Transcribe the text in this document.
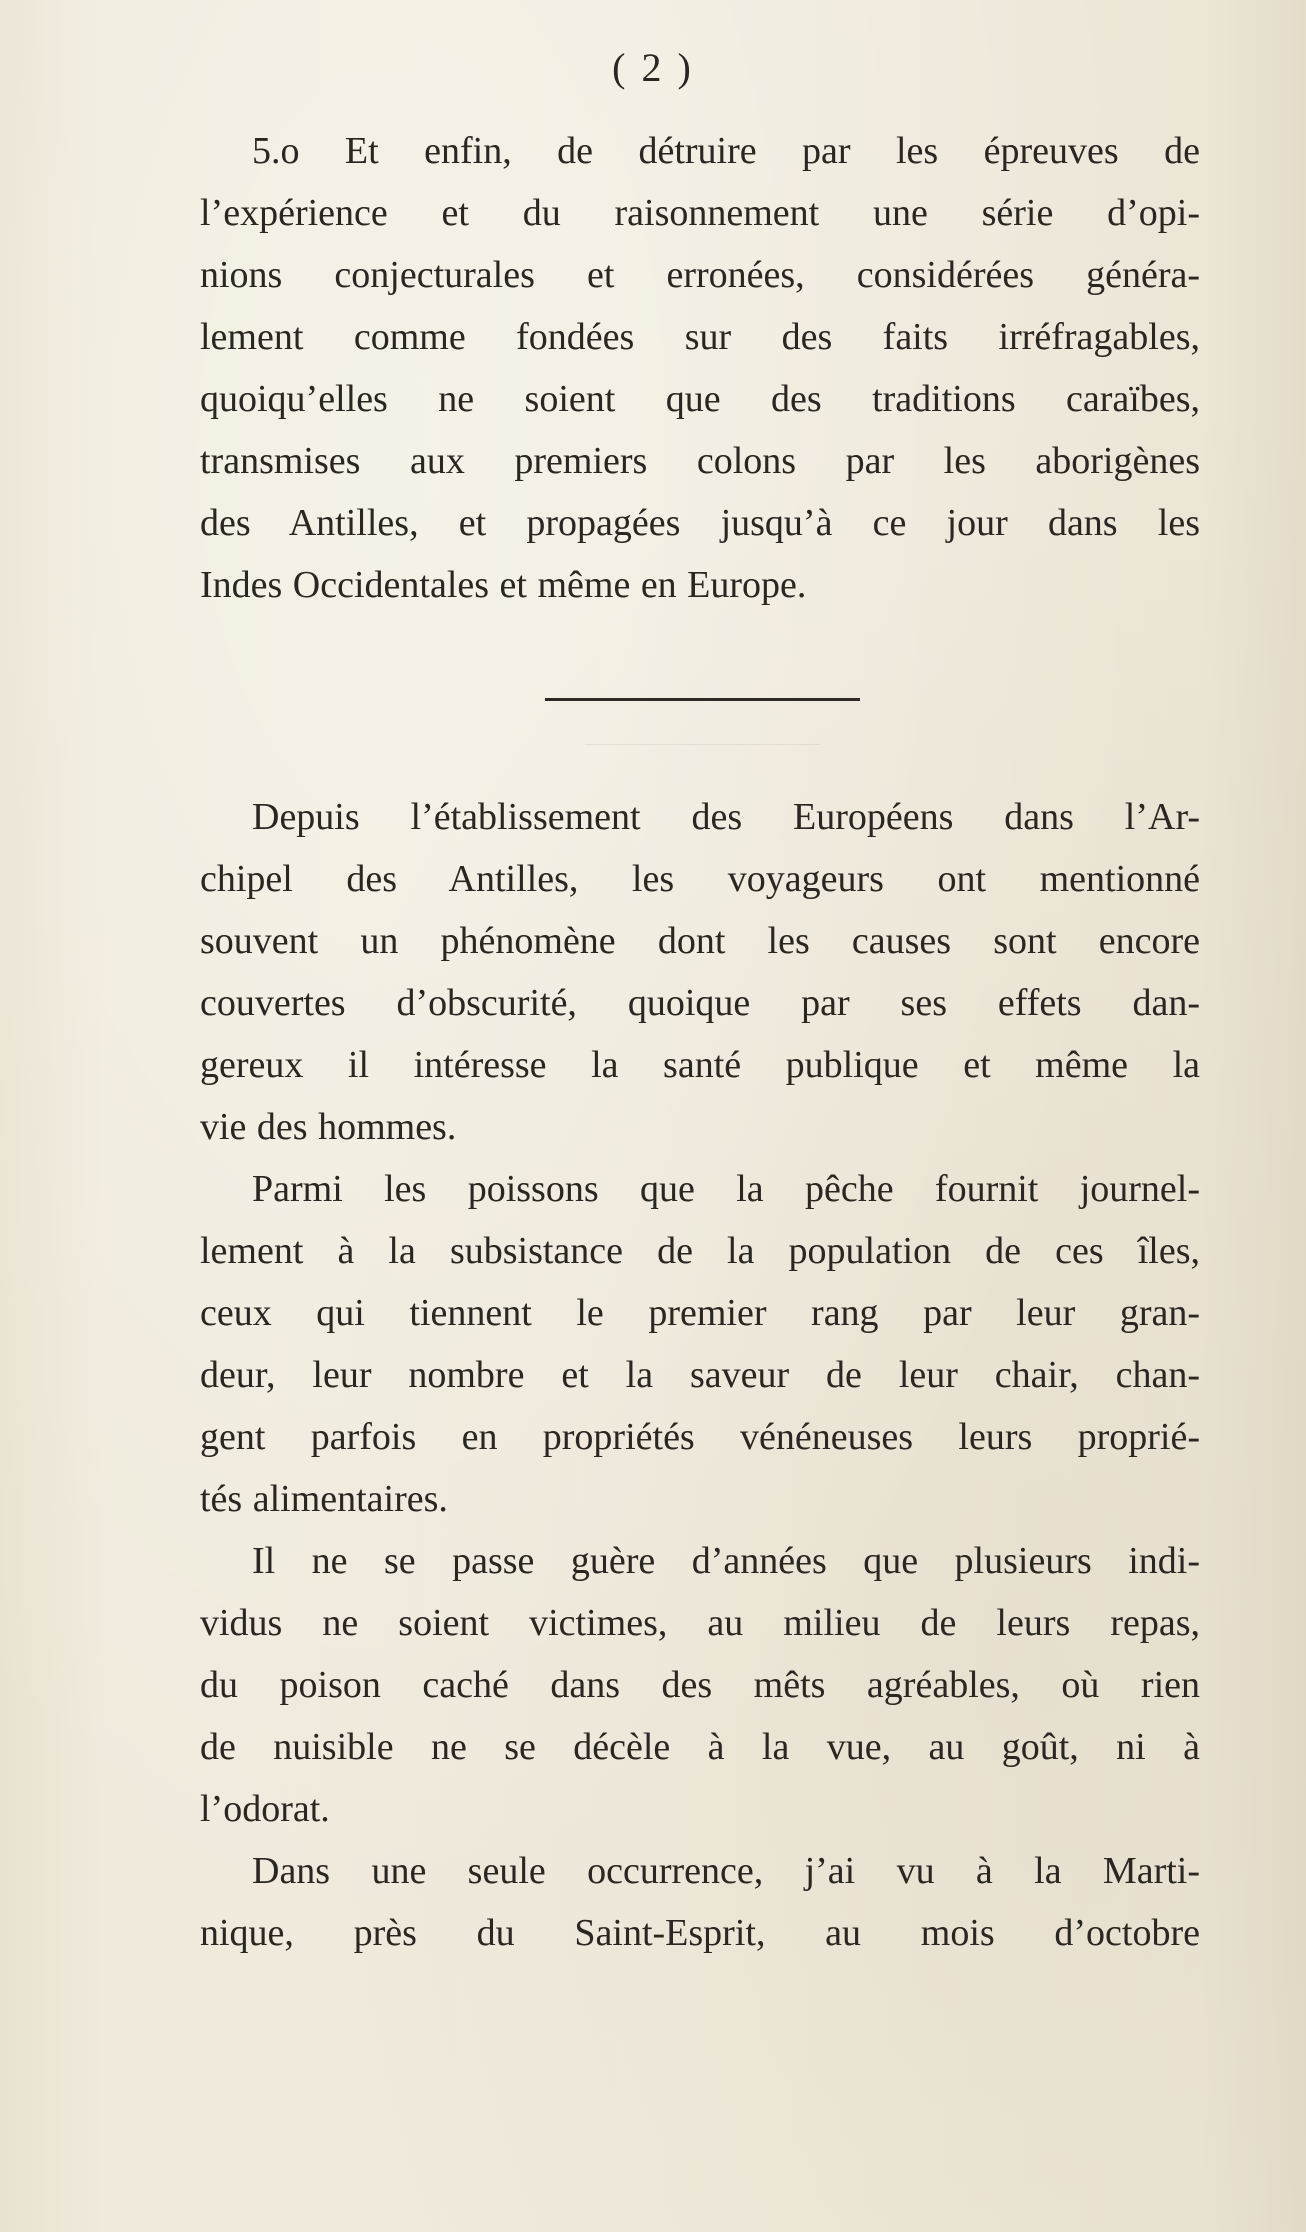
( 2 )
5.o Et enfin, de détruire par les épreuves de
l’expérience et du raisonnement une série d’opi-
nions conjecturales et erronées, considérées généra-
lement comme fondées sur des faits irréfragables,
quoiqu’elles ne soient que des traditions caraïbes,
transmises aux premiers colons par les aborigènes
des Antilles, et propagées jusqu’à ce jour dans les
Indes Occidentales et même en Europe.
Depuis l’établissement des Européens dans l’Ar-
chipel des Antilles, les voyageurs ont mentionné
souvent un phénomène dont les causes sont encore
couvertes d’obscurité, quoique par ses effets dan-
gereux il intéresse la santé publique et même la
vie des hommes.
Parmi les poissons que la pêche fournit journel-
lement à la subsistance de la population de ces îles,
ceux qui tiennent le premier rang par leur gran-
deur, leur nombre et la saveur de leur chair, chan-
gent parfois en propriétés vénéneuses leurs proprié-
tés alimentaires.
Il ne se passe guère d’années que plusieurs indi-
vidus ne soient victimes, au milieu de leurs repas,
du poison caché dans des mêts agréables, où rien
de nuisible ne se décèle à la vue, au goût, ni à
l’odorat.
Dans une seule occurrence, j’ai vu à la Marti-
nique, près du Saint-Esprit, au mois d’octobre
